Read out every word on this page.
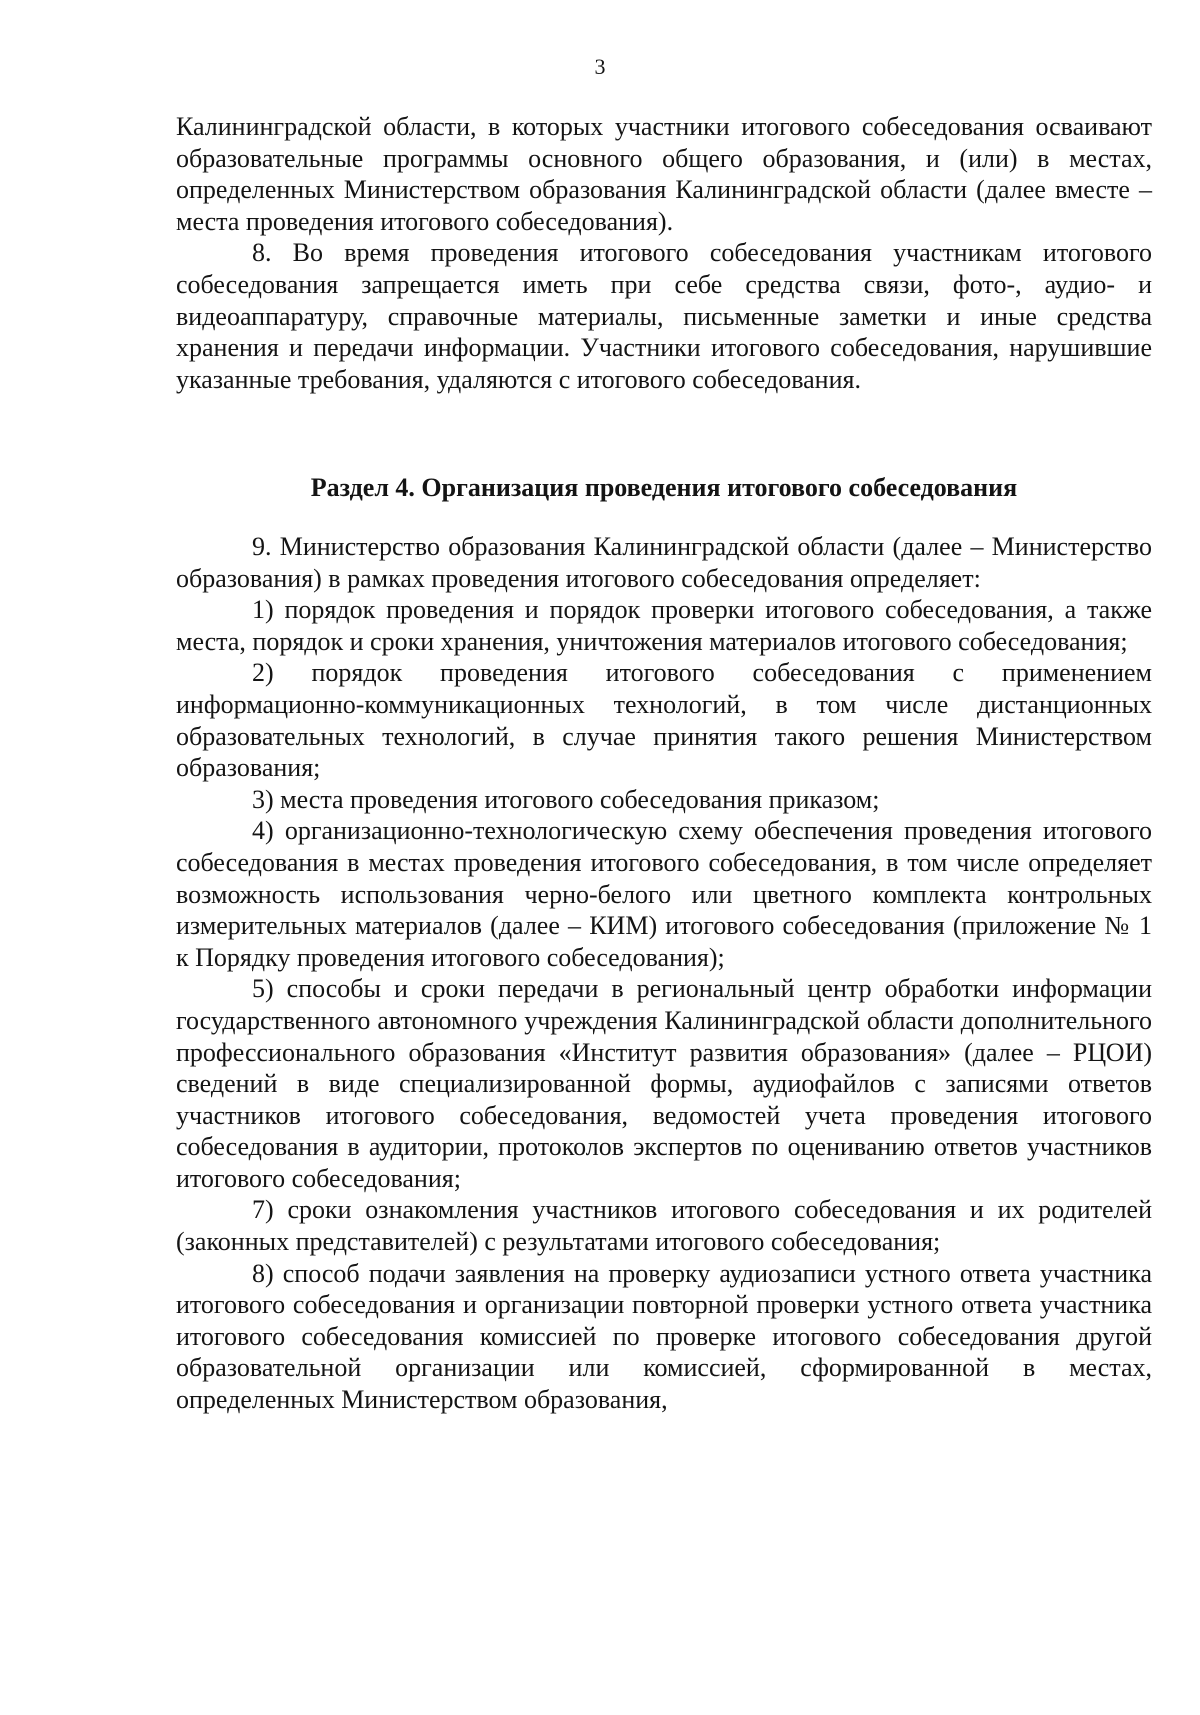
3

Калининградской области, в которых участники итогового собеседования осваивают образовательные программы основного общего образования, и (или) в местах, определенных Министерством образования Калининградской области (далее вместе – места проведения итогового собеседования).

8. Во время проведения итогового собеседования участникам итогового собеседования запрещается иметь при себе средства связи, фото-, аудио- и видеоаппаратуру, справочные материалы, письменные заметки и иные средства хранения и передачи информации. Участники итогового собеседования, нарушившие указанные требования, удаляются с итогового собеседования.

Раздел 4. Организация проведения итогового собеседования

9. Министерство образования Калининградской области (далее – Министерство образования) в рамках проведения итогового собеседования определяет:

1) порядок проведения и порядок проверки итогового собеседования, а также места, порядок и сроки хранения, уничтожения материалов итогового собеседования;

2) порядок проведения итогового собеседования с применением информационно-коммуникационных технологий, в том числе дистанционных образовательных технологий, в случае принятия такого решения Министерством образования;

3) места проведения итогового собеседования приказом;

4) организационно-технологическую схему обеспечения проведения итогового собеседования в местах проведения итогового собеседования, в том числе определяет возможность использования черно-белого или цветного комплекта контрольных измерительных материалов (далее – КИМ) итогового собеседования (приложение № 1 к Порядку проведения итогового собеседования);

5) способы и сроки передачи в региональный центр обработки информации государственного автономного учреждения Калининградской области дополнительного профессионального образования «Институт развития образования» (далее – РЦОИ) сведений в виде специализированной формы, аудиофайлов с записями ответов участников итогового собеседования, ведомостей учета проведения итогового собеседования в аудитории, протоколов экспертов по оцениванию ответов участников итогового собеседования;

7) сроки ознакомления участников итогового собеседования и их родителей (законных представителей) с результатами итогового собеседования;

8) способ подачи заявления на проверку аудиозаписи устного ответа участника итогового собеседования и организации повторной проверки устного ответа участника итогового собеседования комиссией по проверке итогового собеседования другой образовательной организации или комиссией, сформированной в местах, определенных Министерством образования,
